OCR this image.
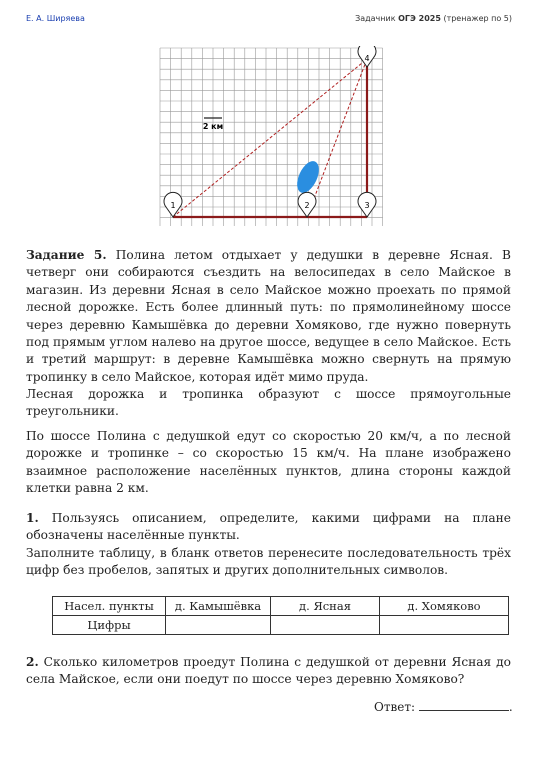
Е. А. Ширяева	Задачник ОГЭ 2025 (тренажер по 5)
2 км
1	2	3
4
Задание 5. Полина летом отдыхает у дедушки в деревне Ясная. В четверг они собираются съездить на велосипедах в село Майское в магазин. Из деревни Ясная в село Майское можно проехать по прямой лесной дорожке. Есть более длинный путь: по прямолинейному шоссе через деревню Камышёвка до деревни Хомяково, где нужно повернуть под прямым углом налево на другое шоссе, ведущее в село Майское. Есть и третий маршрут: в деревне Камышёвка можно свернуть на прямую тропинку в село Майское, которая идёт мимо пруда.
Лесная дорожка и тропинка образуют с шоссе прямоугольные треугольники.
По шоссе Полина с дедушкой едут со скоростью 20 км/ч, а по лесной дорожке и тропинке – со скоростью 15 км/ч. На плане изображено взаимное расположение населённых пунктов, длина стороны каждой клетки равна 2 км.
1. Пользуясь описанием, определите, какими цифрами на плане обозначены населённые пункты.
Заполните таблицу, в бланк ответов перенесите последовательность трёх цифр без пробелов, запятых и других дополнительных символов.
Насел. пункты	д. Камышёвка	д. Ясная	д. Хомяково
Цифры			
2. Сколько километров проедут Полина с дедушкой от деревни Ясная до села Майское, если они поедут по шоссе через деревню Хомяково?
Ответ:	.
